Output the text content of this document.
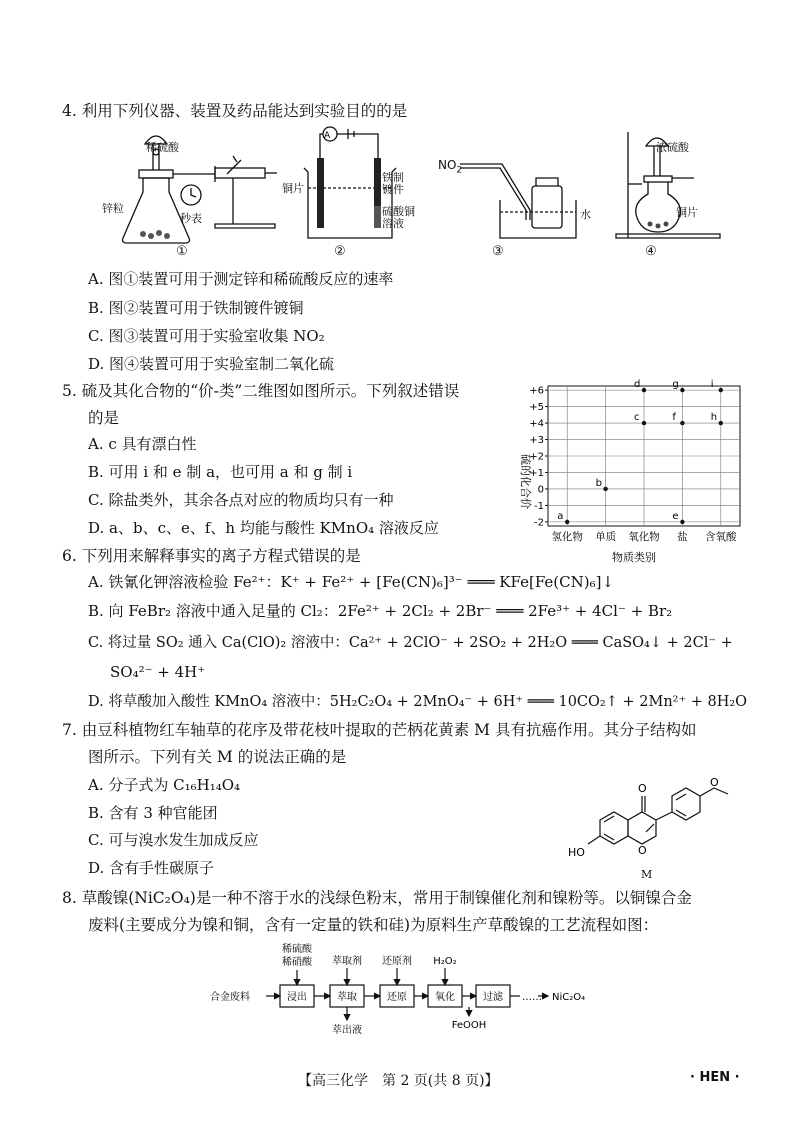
4. 利用下列仪器、装置及药品能达到实验目的的是
稀硫酸
锌粒
秒表
①
A
铜片
铁制镀件
硫酸铜溶液
②
$NO_2$
水
③
浓硫酸
铜片
④
A. 图①装置可用于测定锌和稀硫酸反应的速率
B. 图②装置可用于铁制镀件镀铜
C. 图③装置可用于实验室收集 NO₂
D. 图④装置可用于实验室制二氧化硫
5. 硫及其化合物的“价-类”二维图如图所示。下列叙述错误
的是
A. c 具有漂白性
B. 可用 i 和 e 制 a，也可用 a 和 g 制 i
C. 除盐类外，其余各点对应的物质均只有一种
D. a、b、c、e、f、h 均能与酸性 KMnO₄ 溶液反应
+6
+5
+4
+3
+2
+1
0
-1
-2
氢化物 单质 氧化物 盐 含氧酸
a
b
c
d
e
f
g
h
i
硫的化合价
物质类别
6. 下列用来解释事实的离子方程式错误的是
A. 铁氰化钾溶液检验 Fe²⁺：K⁺ + Fe²⁺ + [Fe(CN)₆]³⁻ ═══ KFe[Fe(CN)₆]↓
B. 向 FeBr₂ 溶液中通入足量的 Cl₂：2Fe²⁺ + 2Cl₂ + 2Br⁻ ═══ 2Fe³⁺ + 4Cl⁻ + Br₂
C. 将过量 SO₂ 通入 Ca(ClO)₂ 溶液中：Ca²⁺ + 2ClO⁻ + 2SO₂ + 2H₂O ═══ CaSO₄↓ + 2Cl⁻ +
SO₄²⁻ + 4H⁺
D. 将草酸加入酸性 KMnO₄ 溶液中：5H₂C₂O₄ + 2MnO₄⁻ + 6H⁺ ═══ 10CO₂↑ + 2Mn²⁺ + 8H₂O
7. 由豆科植物红车轴草的花序及带花枝叶提取的芒柄花黄素 M 具有抗癌作用。其分子结构如
图所示。下列有关 M 的说法正确的是
A. 分子式为 C₁₆H₁₄O₄
B. 含有 3 种官能团
C. 可与溴水发生加成反应
D. 含有手性碳原子
HO
O
O
O
M
8. 草酸镍(NiC₂O₄)是一种不溶于水的浅绿色粉末，常用于制镍催化剂和镍粉等。以铜镍合金
废料(主要成分为镍和铜，含有一定量的铁和硅)为原料生产草酸镍的工艺流程如图：
合金废料	浸出	萃取	还原	氧化	过滤
稀硫酸
稀硝酸 萃取剂 还原剂 H₂O₂
萃出液	FeOOH
…… NiC₂O₄
【高三化学　第 2 页(共 8 页)】	· HEN ·
